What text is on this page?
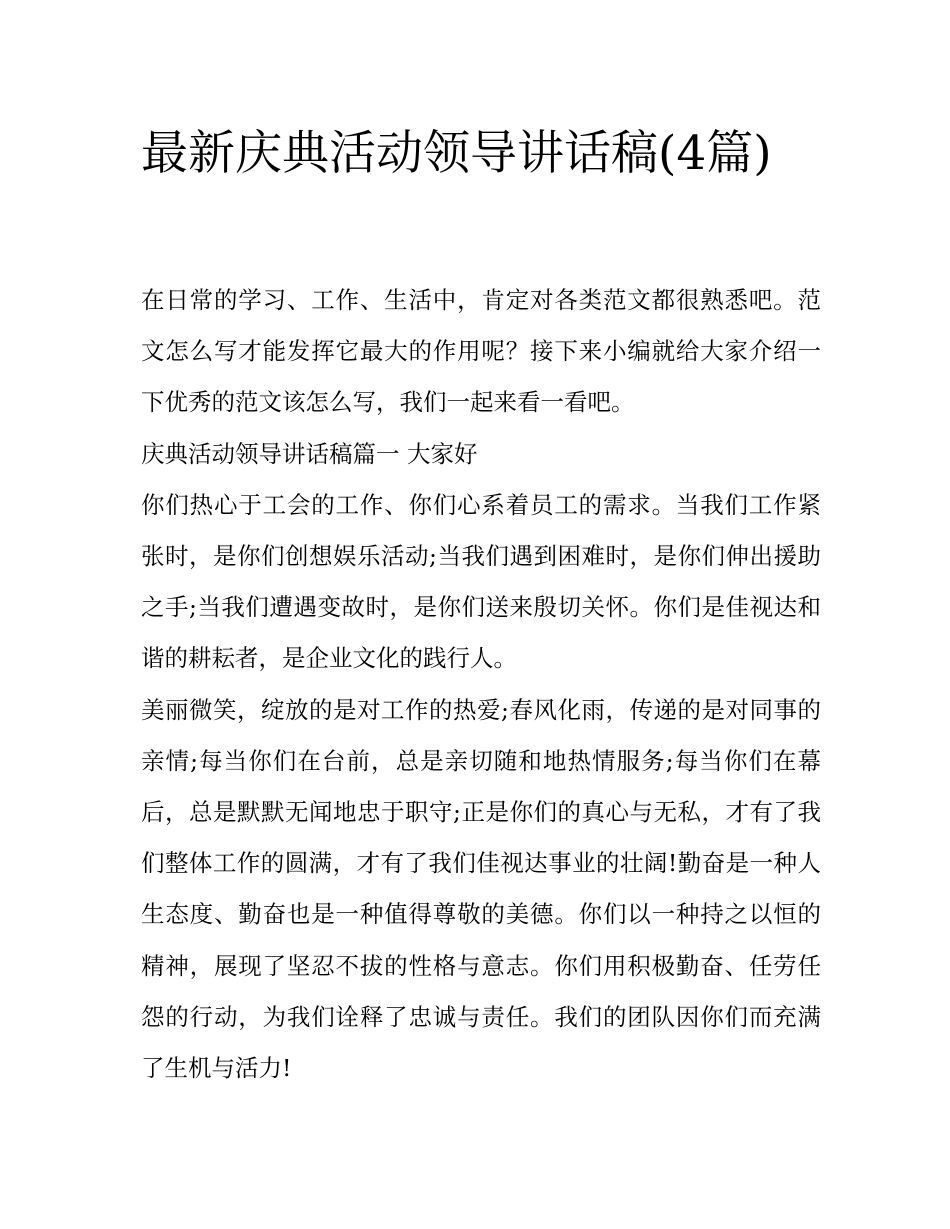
最新庆典活动领导讲话稿(4篇)

在日常的学习、工作、生活中，肯定对各类范文都很熟悉吧。范文怎么写才能发挥它最大的作用呢？接下来小编就给大家介绍一下优秀的范文该怎么写，我们一起来看一看吧。

庆典活动领导讲话稿篇一 大家好

你们热心于工会的工作、你们心系着员工的需求。当我们工作紧张时，是你们创想娱乐活动;当我们遇到困难时，是你们伸出援助之手;当我们遭遇变故时，是你们送来殷切关怀。你们是佳视达和谐的耕耘者，是企业文化的践行人。

美丽微笑，绽放的是对工作的热爱;春风化雨，传递的是对同事的亲情;每当你们在台前，总是亲切随和地热情服务;每当你们在幕后，总是默默无闻地忠于职守;正是你们的真心与无私，才有了我们整体工作的圆满，才有了我们佳视达事业的壮阔!勤奋是一种人生态度、勤奋也是一种值得尊敬的美德。你们以一种持之以恒的精神，展现了坚忍不拔的性格与意志。你们用积极勤奋、任劳任怨的行动，为我们诠释了忠诚与责任。我们的团队因你们而充满了生机与活力!
